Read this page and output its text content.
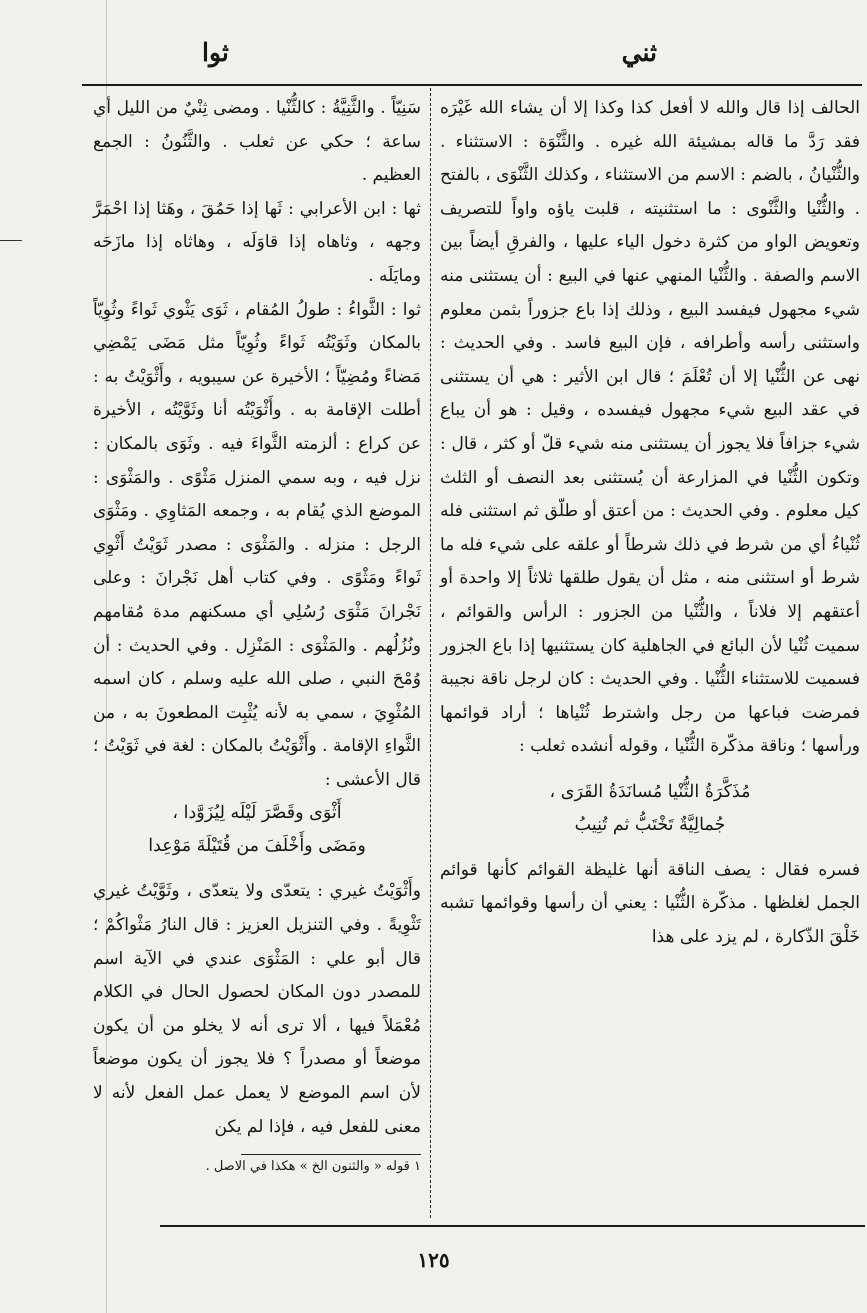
ثني
ثوا

الحالف إذا قال والله لا أفعل كذا وكذا إلا أن يشاء الله غَيْرَه فقد رَدَّ ما قاله بمشيئة الله غيره . والثَّنْوَة : الاستثناء . والثُّنْيانُ ، بالضم : الاسم من الاستثناء ، وكذلك الثَّنْوَى ، بالفتح . والثُّنْيا والثَّنْوى : ما استثنيته ، قلبت ياؤه واواً للتصريف وتعويض الواو من كثرة دخول الياء عليها ، والفرقِ أيضاً بين الاسم والصفة . والثُّنْيا المنهي عنها في البيع : أن يستثنى منه شيء مجهول فيفسد البيع ، وذلك إذا باع جزوراً بثمن معلوم واستثنى رأسه وأطرافه ، فإن البيع فاسد . وفي الحديث : نهى عن الثُّنْيا إلا أن تُعْلَمَ ؛ قال ابن الأثير : هي أن يستثنى في عقد البيع شيء مجهول فيفسده ، وقيل : هو أن يباع شيء جزافاً فلا يجوز أن يستثنى منه شيء قلّ أو كثر ، قال : وتكون الثُّنْيا في المزارعة أن يُستثنى بعد النصف أو الثلث كيل معلوم . وفي الحديث : من أعتق أو طلّق ثم استثنى فله ثُنْياءُ أي من شرط في ذلك شرطاً أو علقه على شيء فله ما شرط أو استثنى منه ، مثل أن يقول طلقها ثلاثاً إلا واحدة أو أعتقهم إلا فلاناً ، والثُّنْيا من الجزور : الرأس والقوائم ، سميت ثُنْيا لأن البائع في الجاهلية كان يستثنيها إذا باع الجزور فسميت للاستثناء الثُّنْيا . وفي الحديث : كان لرجل ناقة نجيبة فمرضت فباعها من رجل واشترط ثُنْياها ؛ أراد قوائمها ورأسها ؛ وناقة مذكّرة الثُّنْيا ، وقوله أنشده ثعلب :

مُذَكَّرَةُ الثُّنْيا مُسانَدَةُ القَرَى ،

جُمالِيَّةٌ تَخْتَبُّ ثم تُنِيبُ

فسره فقال : يصف الناقة أنها غليظة القوائم كأنها قوائم الجمل لغلظها . مذكّرة الثُّنْيا : يعني أن رأسها وقوائمها تشبه خَلْقَ الذّكارة ، لم يزد على هذا

سَنِيّاً . والثَّنِيَّةُ : كالثُّنْيا . ومضى ثِنْيٌ من الليل أي ساعة ؛ حكي عن ثعلب . والثَّنُونُ : الجمع العظيم .

ثها : ابن الأعرابي : ثَها إذا حَمُقَ ، وهَثا إذا احْمَرَّ وجهه ، وثاهاه إذا قاوَلَه ، وهاثاه إذا مازَحَه ومايَلَه .

ثوا : الثَّواءُ : طولُ المُقام ، ثَوَى يَثْوي ثَواءً وثُوِيّاً بالمكان وثَوَيْتُه ثَواءً وثُوِيّاً مثل مَضَى يَمْضِي مَضاءً ومُضِيّاً ؛ الأخيرة عن سيبويه ، وأَثْوَيْتُ به : أطلت الإقامة به . وأَثْوَيْتُه أنا وثَوَّيْتُه ، الأخيرة عن كراع : ألزمته الثَّواءَ فيه . وثَوَى بالمكان : نزل فيه ، وبه سمي المنزل مَثْوًى . والمَثْوَى : الموضع الذي يُقام به ، وجمعه المَثاوِي . ومَثْوَى الرجل : منزله . والمَثْوَى : مصدر ثَوَيْتُ أَثْوِي ثَواءً ومَثْوًى . وفي كتاب أهل نَجْرانَ : وعلى نَجْرانَ مَثْوَى رُسُلِي أي مسكنهم مدة مُقامهم ونُزُلُهم . والمَثْوَى : المَنْزِل . وفي الحديث : أن وُمْحَ النبي ، صلى الله عليه وسلم ، كان اسمه المُثْوِيَ ، سمي به لأنه يُثْبِت المطعونَ به ، من الثَّواءِ الإقامة . وأَثْوَيْتُ بالمكان : لغة في ثَوَيْتُ ؛ قال الأعشى :

أَثْوَى وقَصَّرَ لَيْلَه لِيُزَوَّدا ،

ومَضَى وأَخْلَفَ من قُتَيْلَةَ مَوْعِدا

وأَثْوَيْتُ غيري : يتعدّى ولا يتعدّى ، وثَوَّيْتُ غيري تَثْوِيةً . وفي التنزيل العزيز : قال النارُ مَثْواكُمْ ؛ قال أبو علي : المَثْوَى عندي في الآية اسم للمصدر دون المكان لحصول الحال في الكلام مُعْمَلاً فيها ، ألا ترى أنه لا يخلو من أن يكون موضعاً أو مصدراً ؟ فلا يجوز أن يكون موضعاً لأن اسم الموضع لا يعمل عمل الفعل لأنه لا معنى للفعل فيه ، فإذا لم يكن

١ قوله « والثنون الخ » هكذا في الاصل .

١٢٥
